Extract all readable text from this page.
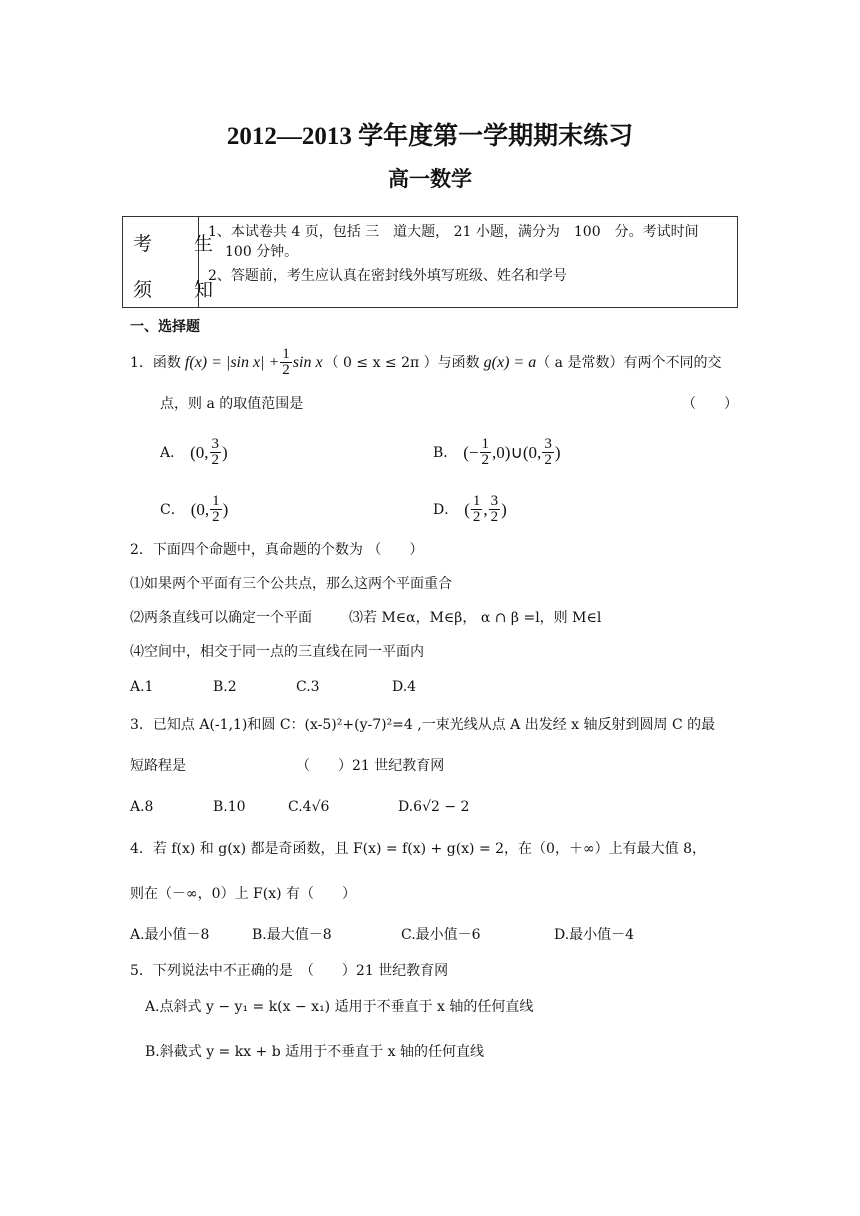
2012—2013 学年度第一学期期末练习
高一数学
考 生
须 知
1、本试卷共 4 页，包括 三　道大题， 21 小题，满分为　100　分。考试时间
100 分钟。
2、答题前，考生应认真在密封线外填写班级、姓名和学号
一、选择题
1．函数 f(x) = |sin $x| + \frac{1}{2}$ sin x （ 0 ≤ x ≤ 2π ）与函数 g(x) = a （ a 是常数）有两个不同的交
点，则 a 的取值范围是	（　　）
A． (0, $\frac{3}{2}$ )	B． (− $\frac{1}{2}$ ,0)∪(0, $\frac{3}{2}$ )
C． (0, $\frac{1}{2}$ )	D． ( $\frac{1}{2}$ , $\frac{3}{2}$ )
2．下面四个命题中，真命题的个数为 （　　）
⑴如果两个平面有三个公共点，那么这两个平面重合
⑵两条直线可以确定一个平面	⑶若 M∈α，M∈β， α ∩ β =l，则 M∈l
⑷空间中，相交于同一点的三直线在同一平面内
A.1	B.2	C.3	D.4
3．已知点 A(-1,1)和圆 C：(x-5)²+(y-7)²=4 ,一束光线从点 A 出发经 x 轴反射到圆周 C 的最
短路程是	（　　）21 世纪教育网
A.8	B.10	C.4√6	D.6√2 − 2
4．若 f(x) 和 g(x) 都是奇函数，且 F(x) = f(x) + g(x) = 2，在（0，＋∞）上有最大值 8，
则在（－∞，0）上 F(x) 有（　　）
A.最小值－8	B.最大值－8	C.最小值－6	D.最小值－4
5．下列说法中不正确的是　（　　）21 世纪教育网
A.点斜式 y − y₁ = k(x − x₁) 适用于不垂直于 x 轴的任何直线
B.斜截式 y = kx + b 适用于不垂直于 x 轴的任何直线
